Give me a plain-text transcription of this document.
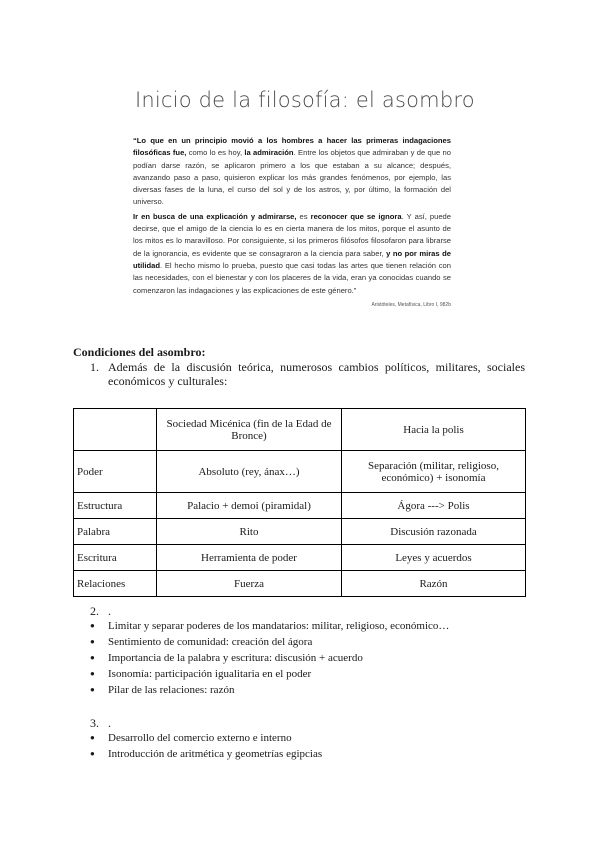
Inicio de la filosofía: el asombro

“Lo que en un principio movió a los hombres a hacer las primeras indagaciones filosóficas fue, como lo es hoy, la admiración. Entre los objetos que admiraban y de que no podían darse razón, se aplicaron primero a los que estaban a su alcance; después, avanzando paso a paso, quisieron explicar los más grandes fenómenos, por ejemplo, las diversas fases de la luna, el curso del sol y de los astros, y, por último, la formación del universo.

Ir en busca de una explicación y admirarse, es reconocer que se ignora. Y así, puede decirse, que el amigo de la ciencia lo es en cierta manera de los mitos, porque el asunto de los mitos es lo maravilloso. Por consiguiente, si los primeros filósofos filosofaron para librarse de la ignorancia, es evidente que se consagraron a la ciencia para saber, y no por miras de utilidad. El hecho mismo lo prueba, puesto que casi todas las artes que tienen relación con las necesidades, con el bienestar y con los placeres de la vida, eran ya conocidas cuando se comenzaron las indagaciones y las explicaciones de este género.”

Aristóteles, Metafísica, Libro I, 982b
Condiciones del asombro:
1. Además de la discusión teórica, numerosos cambios políticos, militares, sociales económicos y culturales:
	Sociedad Micénica (fin de la Edad de Bronce)	Hacia la polis
Poder	Absoluto (rey, ánax…)	Separación (militar, religioso, económico) + isonomía
Estructura	Palacio + demoi (piramidal)	Ágora ---> Polis
Palabra	Rito	Discusión razonada
Escritura	Herramienta de poder	Leyes y acuerdos
Relaciones	Fuerza	Razón
2. .
● Limitar y separar poderes de los mandatarios: militar, religioso, económico…
● Sentimiento de comunidad: creación del ágora
● Importancia de la palabra y escritura: discusión + acuerdo
● Isonomía: participación igualitaria en el poder
● Pilar de las relaciones: razón
3. .
● Desarrollo del comercio externo e interno
● Introducción de aritmética y geometrías egipcias
